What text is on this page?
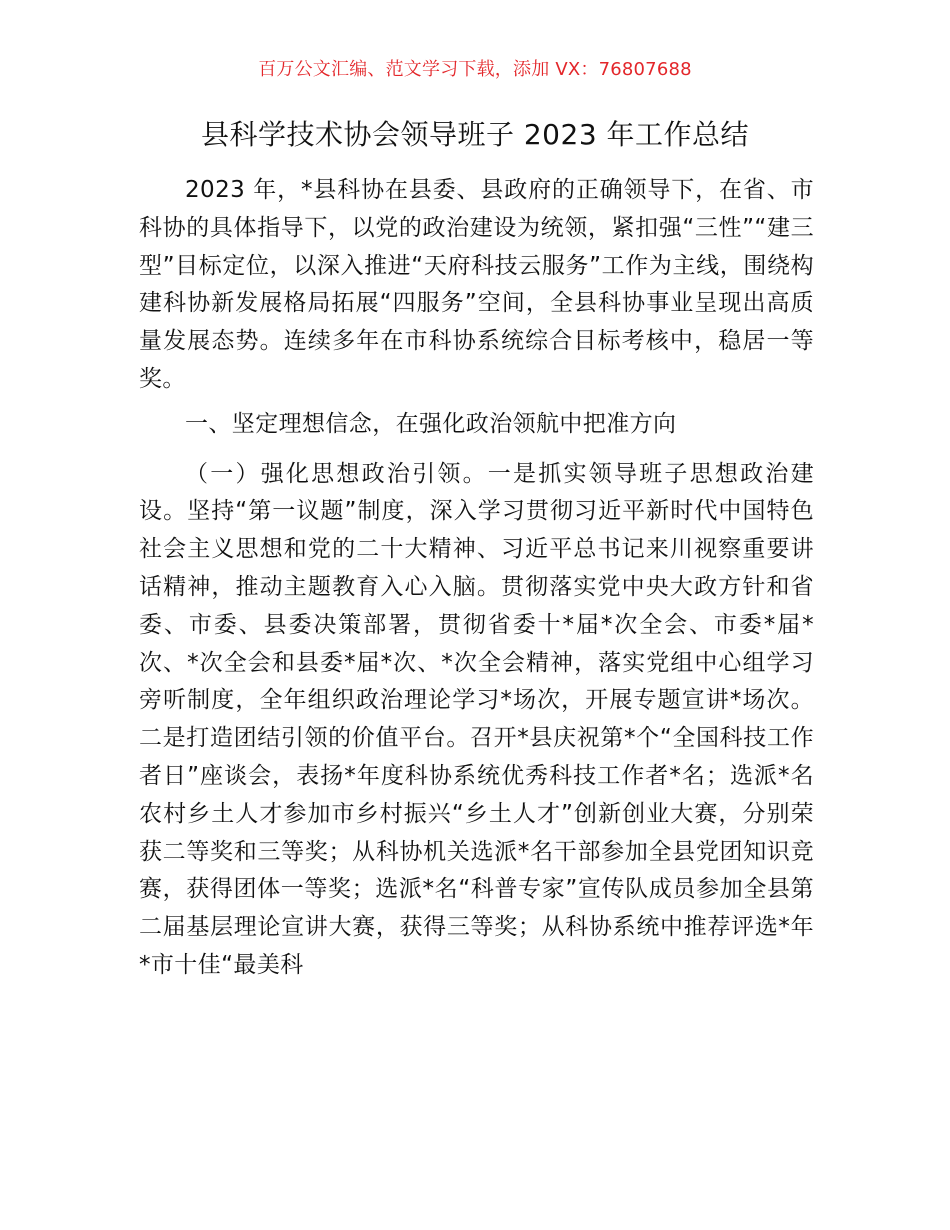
百万公文汇编、范文学习下载，添加 VX：76807688
县科学技术协会领导班子 2023 年工作总结

2023 年，*县科协在县委、县政府的正确领导下，在省、市科协的具体指导下，以党的政治建设为统领，紧扣强“三性”“建三型”目标定位，以深入推进“天府科技云服务”工作为主线，围绕构建科协新发展格局拓展“四服务”空间，全县科协事业呈现出高质量发展态势。连续多年在市科协系统综合目标考核中，稳居一等奖。

一、坚定理想信念，在强化政治领航中把准方向

（一）强化思想政治引领。一是抓实领导班子思想政治建设。坚持“第一议题”制度，深入学习贯彻习近平新时代中国特色社会主义思想和党的二十大精神、习近平总书记来川视察重要讲话精神，推动主题教育入心入脑。贯彻落实党中央大政方针和省委、市委、县委决策部署，贯彻省委十*届*次全会、市委*届*次、*次全会和县委*届*次、*次全会精神，落实党组中心组学习旁听制度，全年组织政治理论学习*场次，开展专题宣讲*场次。二是打造团结引领的价值平台。召开*县庆祝第*个“全国科技工作者日”座谈会，表扬*年度科协系统优秀科技工作者*名；选派*名农村乡土人才参加市乡村振兴“乡土人才”创新创业大赛，分别荣获二等奖和三等奖；从科协机关选派*名干部参加全县党团知识竞赛，获得团体一等奖；选派*名“科普专家”宣传队成员参加全县第二届基层理论宣讲大赛，获得三等奖；从科协系统中推荐评选*年*市十佳“最美科
